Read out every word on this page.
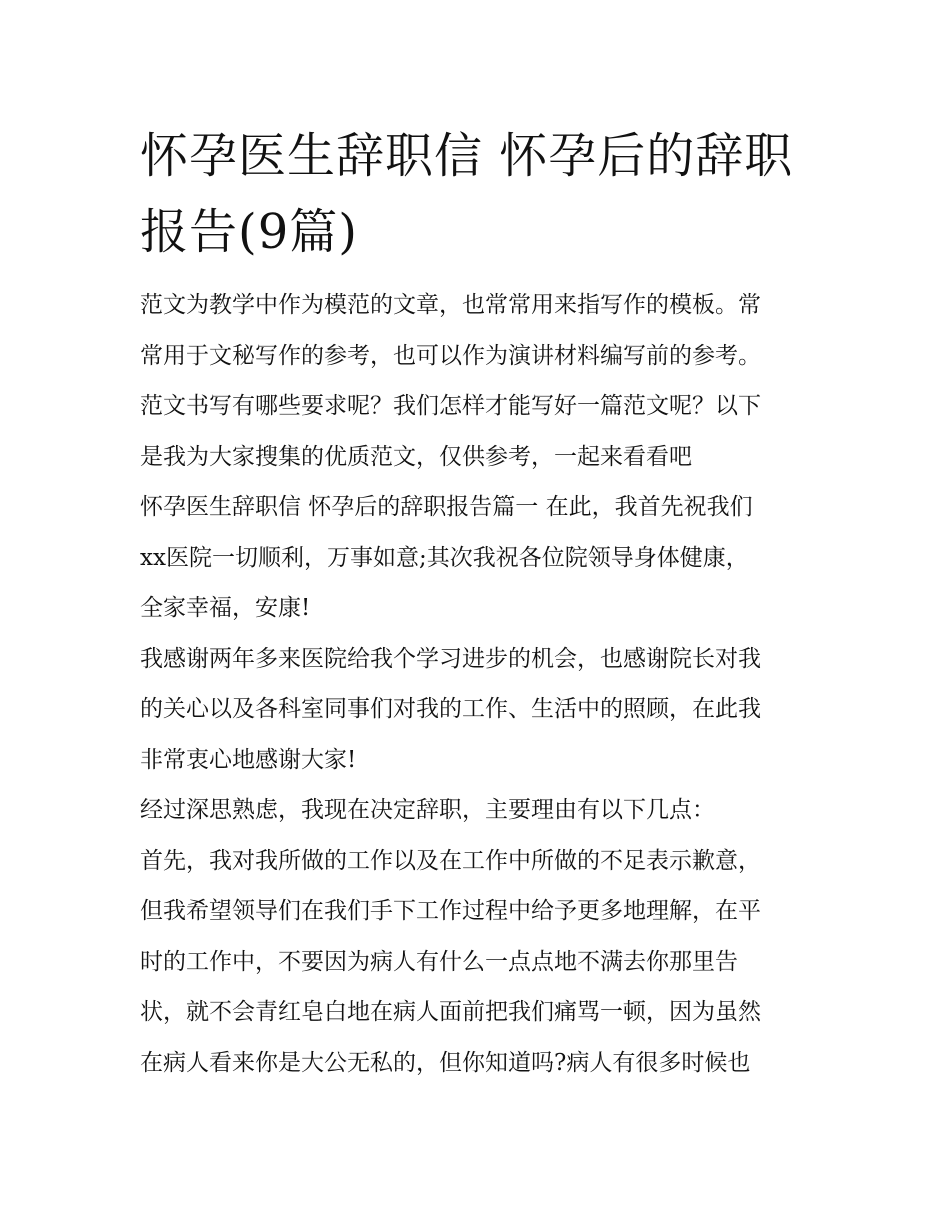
怀孕医生辞职信 怀孕后的辞职
报告(9篇)
范文为教学中作为模范的文章，也常常用来指写作的模板。常
常用于文秘写作的参考，也可以作为演讲材料编写前的参考。
范文书写有哪些要求呢？我们怎样才能写好一篇范文呢？以下
是我为大家搜集的优质范文，仅供参考，一起来看看吧
怀孕医生辞职信 怀孕后的辞职报告篇一 在此，我首先祝我们
xx医院一切顺利，万事如意;其次我祝各位院领导身体健康，
全家幸福，安康!
我感谢两年多来医院给我个学习进步的机会，也感谢院长对我
的关心以及各科室同事们对我的工作、生活中的照顾，在此我
非常衷心地感谢大家!
经过深思熟虑，我现在决定辞职，主要理由有以下几点：
首先，我对我所做的工作以及在工作中所做的不足表示歉意，
但我希望领导们在我们手下工作过程中给予更多地理解，在平
时的工作中，不要因为病人有什么一点点地不满去你那里告
状，就不会青红皂白地在病人面前把我们痛骂一顿，因为虽然
在病人看来你是大公无私的，但你知道吗?病人有很多时候也
